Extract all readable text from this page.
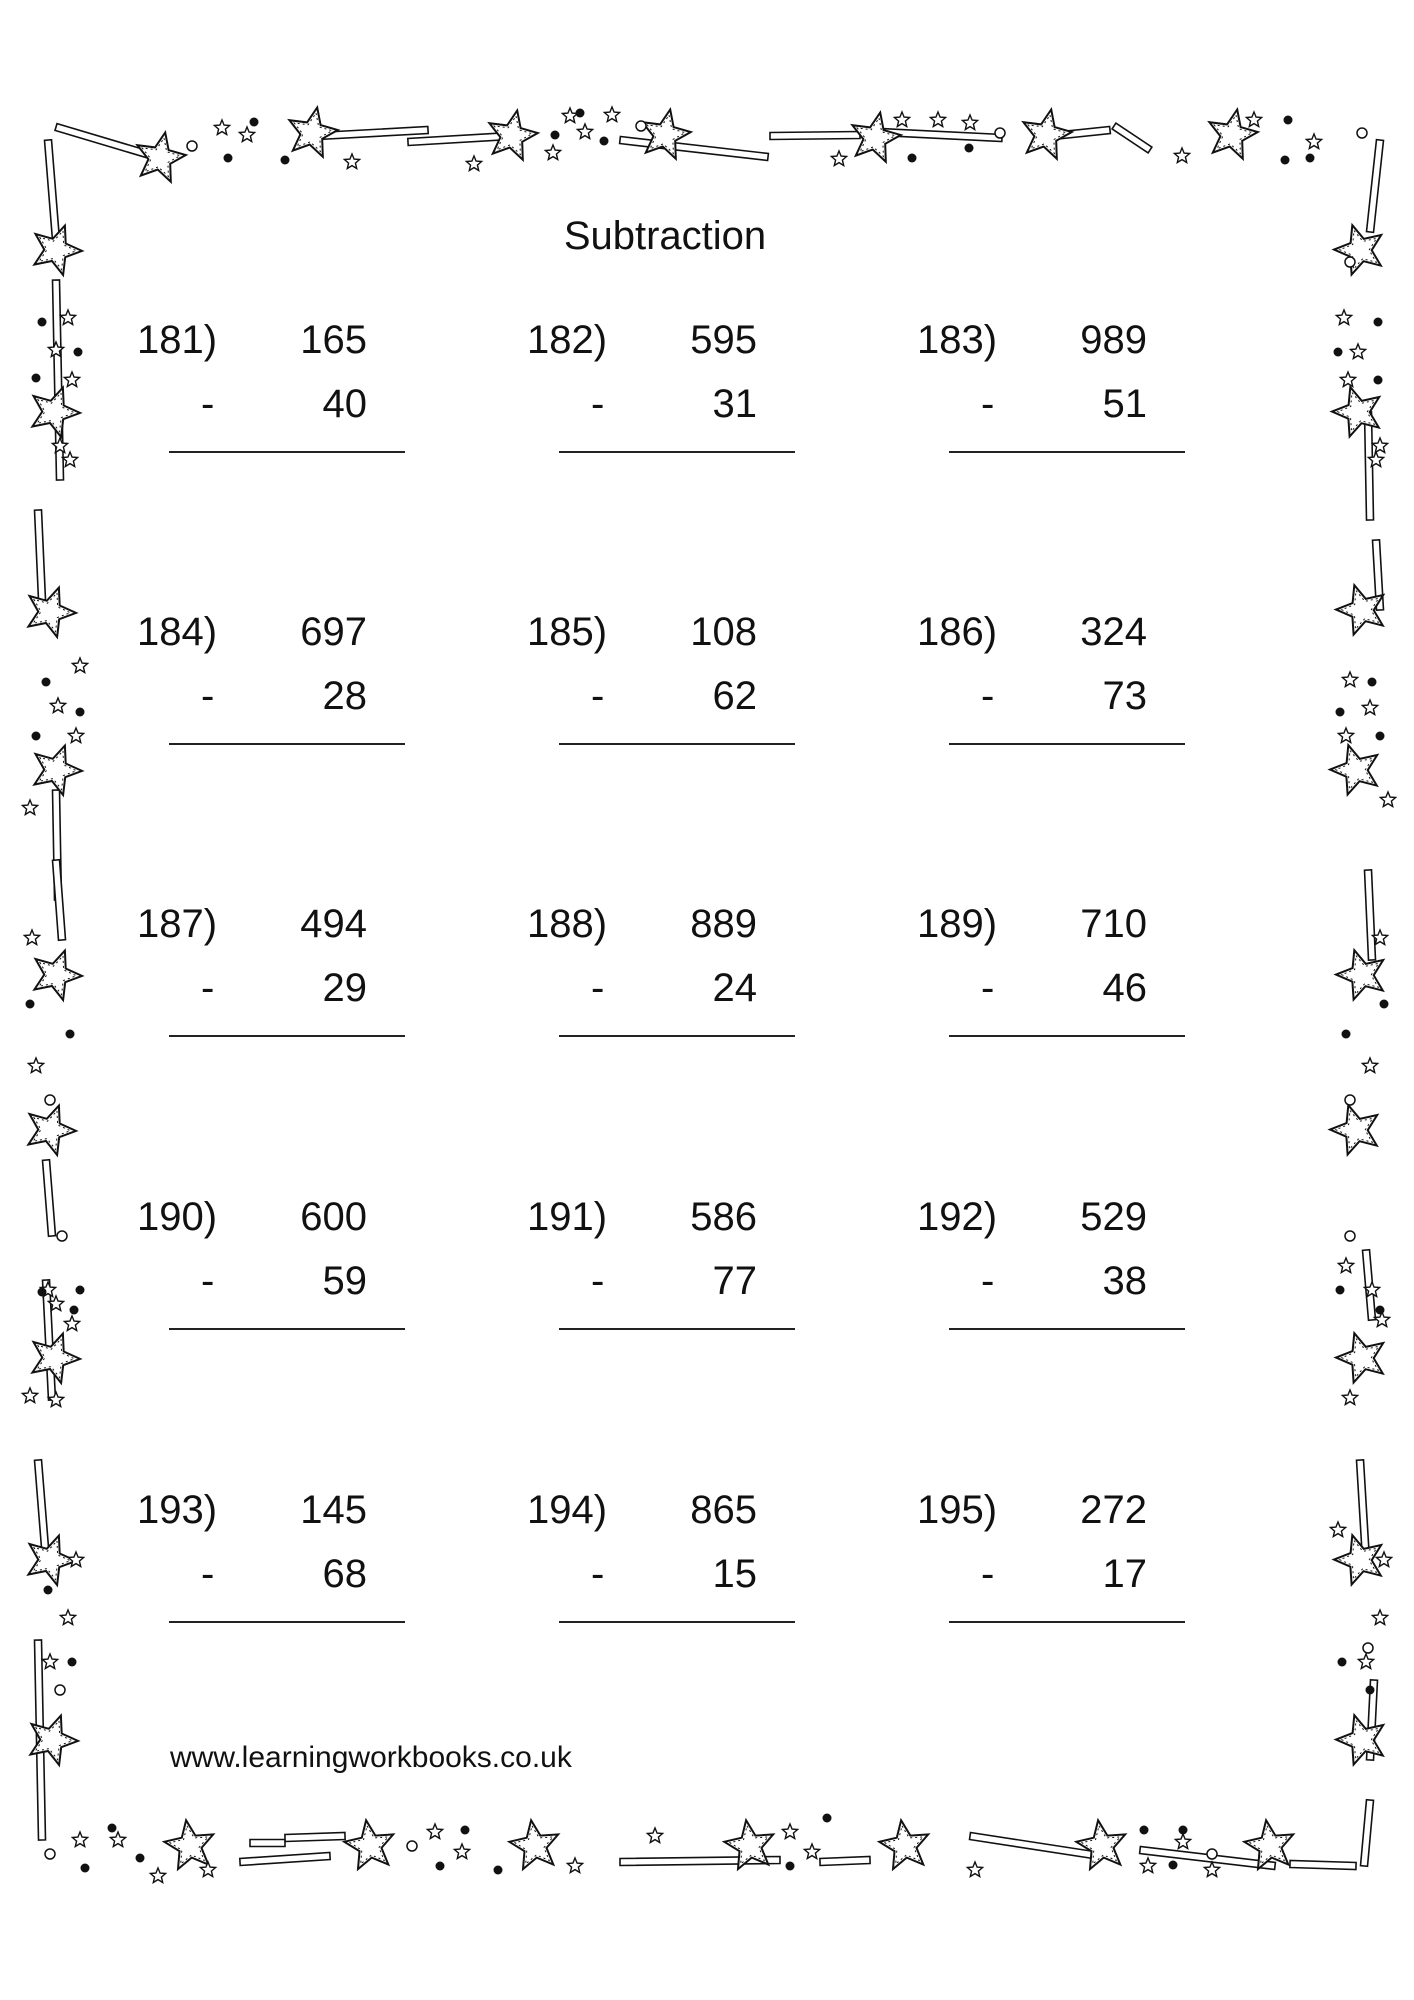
Subtraction
181) 165
-	40
182) 595
-	31
183) 989
-	51
184) 697
-	28
185) 108
-	62
186) 324
-	73
187) 494
-	29
188) 889
-	24
189) 710
-	46
190) 600
-	59
191) 586
-	77
192) 529
-	38
193) 145
-	68
194) 865
-	15
195) 272
-	17
www.learningworkbooks.co.uk
